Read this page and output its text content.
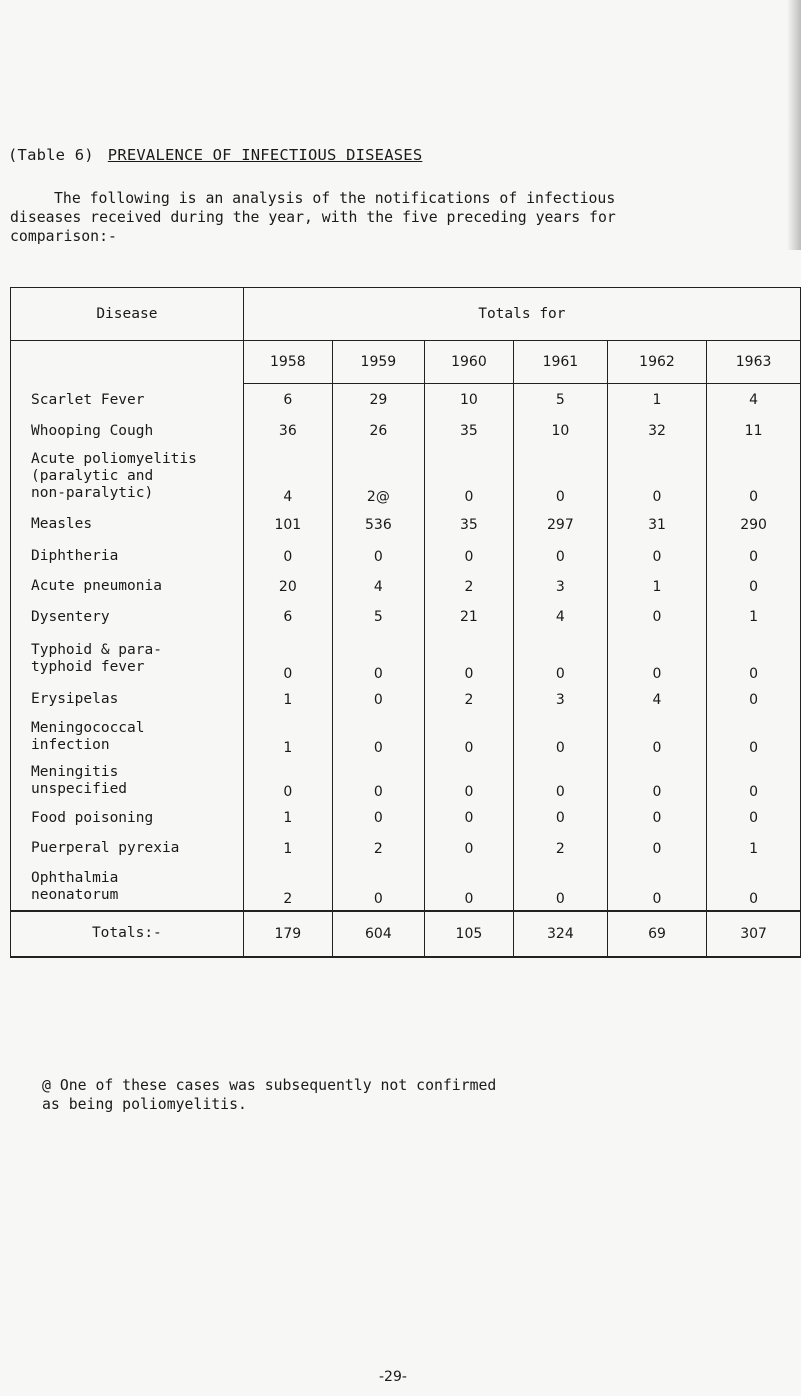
(Table 6) PREVALENCE OF INFECTIOUS DISEASES
The following is an analysis of the notifications of infectious
diseases received during the year, with the five preceding years for
comparison:-
Disease	Totals for					
	1958	1959	1960	1961	1962	1963

Scarlet Fever	6	29	10	5	1	4

Whooping Cough	36	26	35	10	32	11

Acute poliomyelitis
(paralytic and
non-paralytic)	4	2@	0	0	0	0

Measles	101	536	35	297	31	290

Diphtheria	0	0	0	0	0	0

Acute pneumonia	20	4	2	3	1	0

Dysentery	6	5	21	4	0	1

Typhoid & para-
typhoid fever	0	0	0	0	0	0

Erysipelas	1	0	2	3	4	0

Meningococcal
infection	1	0	0	0	0	0

Meningitis
unspecified	0	0	0	0	0	0

Food poisoning	1	0	0	0	0	0

Puerperal pyrexia	1	2	0	2	0	1

Ophthalmia
neonatorum	2	0	0	0	0	0
Totals:-	179	604	105	324	69	307
@ One of these cases was subsequently not confirmed
as being poliomyelitis.
-29-
